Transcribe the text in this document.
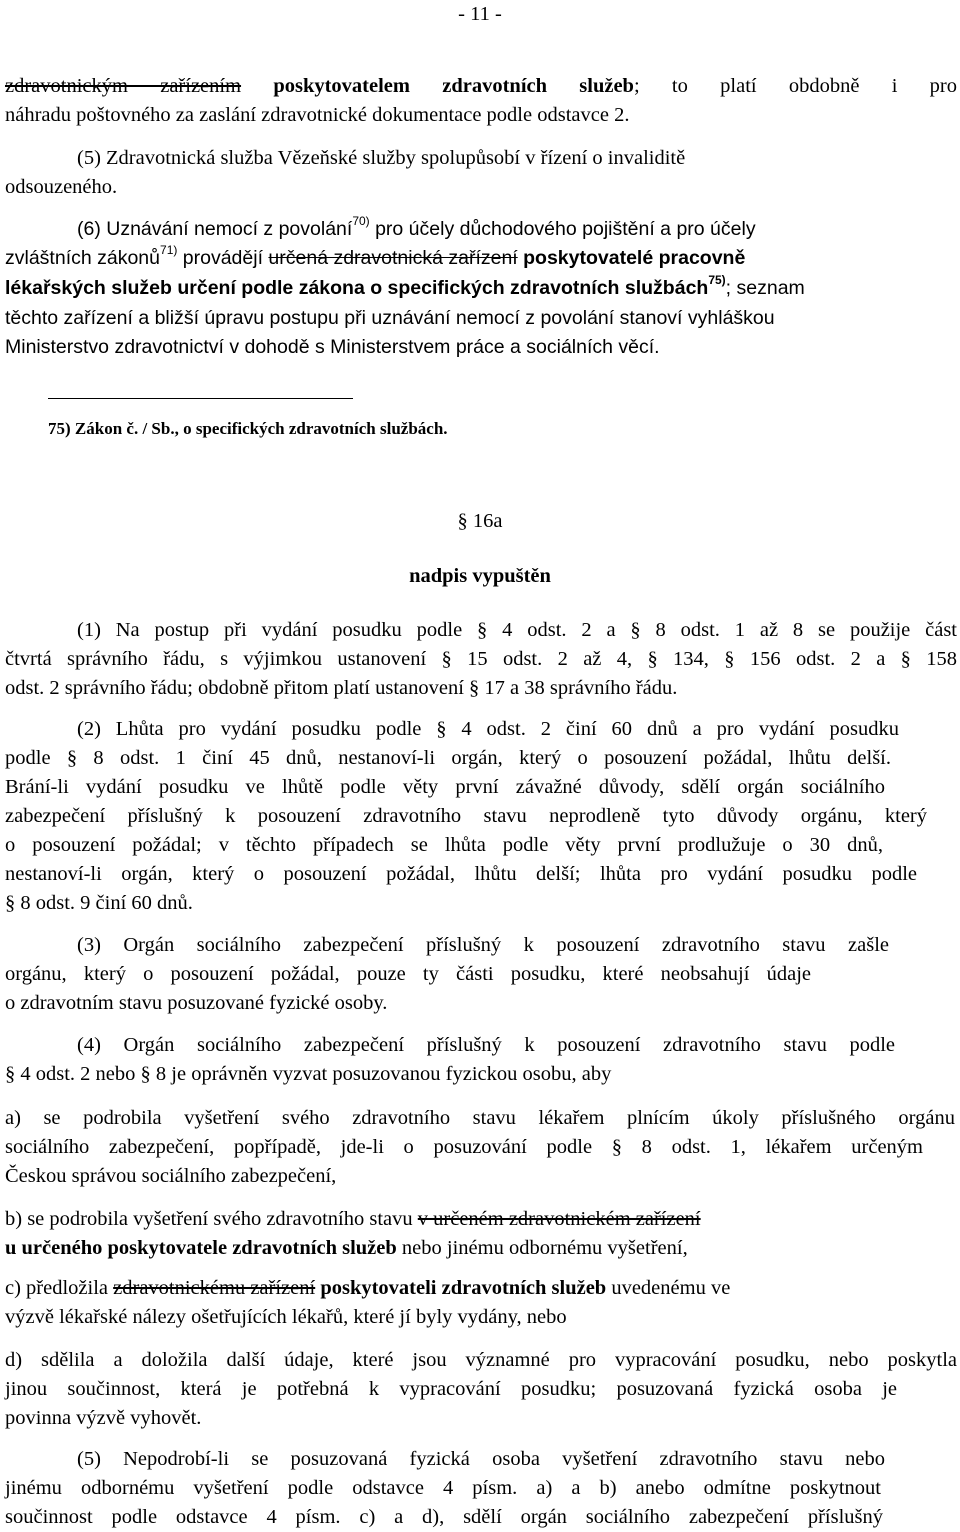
- 11 -

zdravotnickým zařízením poskytovatelem zdravotních služeb; to platí obdobně i pro

náhradu poštovného za zaslání zdravotnické dokumentace podle odstavce 2.

(5) Zdravotnická služba Vězeňské služby spolupůsobí v řízení o invaliditě

odsouzeného.

(6) Uznávání nemocí z povolání$^{70)}$ pro účely důchodového pojištění a pro účely

zvláštních zákonů$^{71)}$ provádějí určená zdravotnická zařízení poskytovatelé pracovně

lékařských služeb určení podle zákona o specifických zdravotních službách$^{75)}$; seznam

těchto zařízení a bližší úpravu postupu při uznávání nemocí z povolání stanoví vyhláškou

Ministerstvo zdravotnictví v dohodě s Ministerstvem práce a sociálních věcí.

75) Zákon č. / Sb., o specifických zdravotních službách.

§ 16a

nadpis vypuštěn

(1) Na postup při vydání posudku podle § 4 odst. 2 a § 8 odst. 1 až 8 se použije část

čtvrtá správního řádu, s výjimkou ustanovení § 15 odst. 2 až 4, § 134, § 156 odst. 2 a § 158

odst. 2 správního řádu; obdobně přitom platí ustanovení § 17 a 38 správního řádu.

(2) Lhůta pro vydání posudku podle § 4 odst. 2 činí 60 dnů a pro vydání posudku

podle § 8 odst. 1 činí 45 dnů, nestanoví-li orgán, který o posouzení požádal, lhůtu delší.

Brání-li vydání posudku ve lhůtě podle věty první závažné důvody, sdělí orgán sociálního

zabezpečení příslušný k posouzení zdravotního stavu neprodleně tyto důvody orgánu, který

o posouzení požádal; v těchto případech se lhůta podle věty první prodlužuje o 30 dnů,

nestanoví-li orgán, který o posouzení požádal, lhůtu delší; lhůta pro vydání posudku podle

§ 8 odst. 9 činí 60 dnů.

(3) Orgán sociálního zabezpečení příslušný k posouzení zdravotního stavu zašle

orgánu, který o posouzení požádal, pouze ty části posudku, které neobsahují údaje

o zdravotním stavu posuzované fyzické osoby.

(4) Orgán sociálního zabezpečení příslušný k posouzení zdravotního stavu podle

§ 4 odst. 2 nebo § 8 je oprávněn vyzvat posuzovanou fyzickou osobu, aby

a) se podrobila vyšetření svého zdravotního stavu lékařem plnícím úkoly příslušného orgánu

sociálního zabezpečení, popřípadě, jde-li o posuzování podle § 8 odst. 1, lékařem určeným

Českou správou sociálního zabezpečení,

b) se podrobila vyšetření svého zdravotního stavu v určeném zdravotnickém zařízení

u určeného poskytovatele zdravotních služeb nebo jinému odbornému vyšetření,

c) předložila zdravotnickému zařízení poskytovateli zdravotních služeb uvedenému ve

výzvě lékařské nálezy ošetřujících lékařů, které jí byly vydány, nebo

d) sdělila a doložila další údaje, které jsou významné pro vypracování posudku, nebo poskytla

jinou součinnost, která je potřebná k vypracování posudku; posuzovaná fyzická osoba je

povinna výzvě vyhovět.

(5) Nepodrobí-li se posuzovaná fyzická osoba vyšetření zdravotního stavu nebo

jinému odbornému vyšetření podle odstavce 4 písm. a) a b) anebo odmítne poskytnout

součinnost podle odstavce 4 písm. c) a d), sdělí orgán sociálního zabezpečení příslušný
